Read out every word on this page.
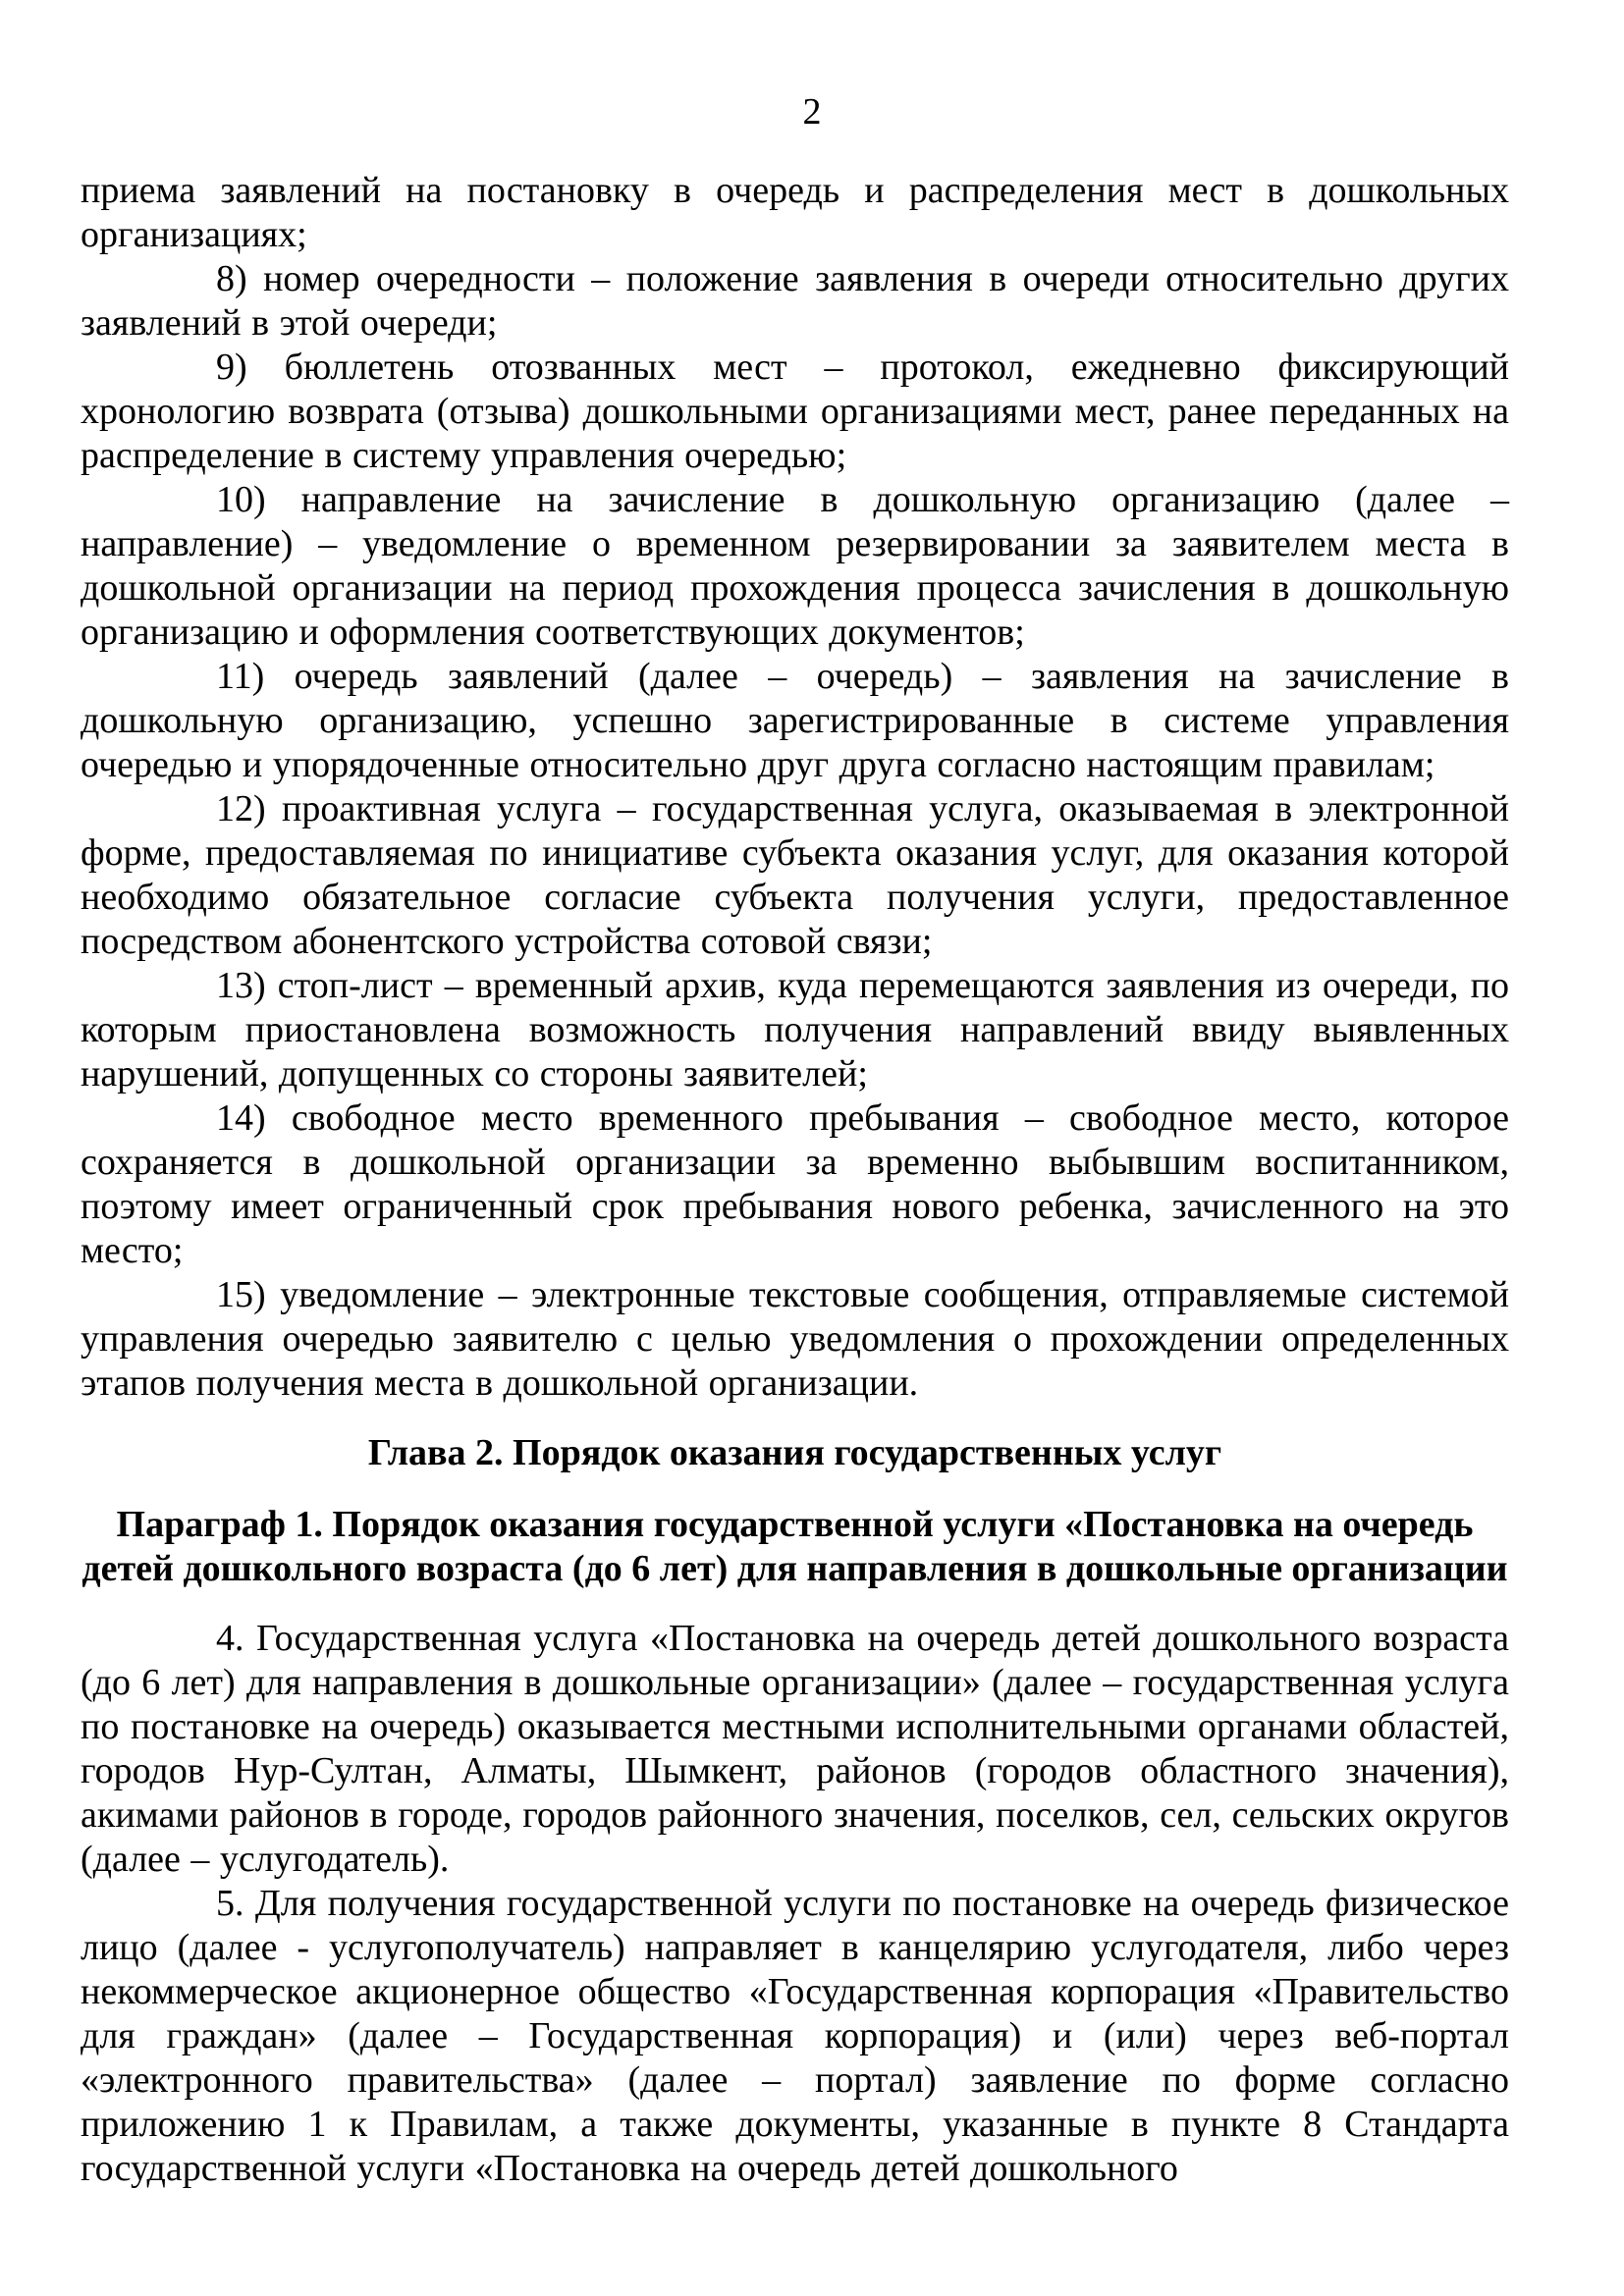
2

приема заявлений на постановку в очередь и распределения мест в дошкольных организациях;

8) номер очередности – положение заявления в очереди относительно других заявлений в этой очереди;

9) бюллетень отозванных мест – протокол, ежедневно фиксирующий хронологию возврата (отзыва) дошкольными организациями мест, ранее переданных на распределение в систему управления очередью;

10) направление на зачисление в дошкольную организацию (далее – направление) – уведомление о временном резервировании за заявителем места в дошкольной организации на период прохождения процесса зачисления в дошкольную организацию и оформления соответствующих документов;

11) очередь заявлений (далее – очередь) – заявления на зачисление в дошкольную организацию, успешно зарегистрированные в системе управления очередью и упорядоченные относительно друг друга согласно настоящим правилам;

12) проактивная услуга – государственная услуга, оказываемая в электронной форме, предоставляемая по инициативе субъекта оказания услуг, для оказания которой необходимо обязательное согласие субъекта получения услуги, предоставленное посредством абонентского устройства сотовой связи;

13) стоп-лист – временный архив, куда перемещаются заявления из очереди, по которым приостановлена возможность получения направлений ввиду выявленных нарушений, допущенных со стороны заявителей;

14) свободное место временного пребывания – свободное место, которое сохраняется в дошкольной организации за временно выбывшим воспитанником, поэтому имеет ограниченный срок пребывания нового ребенка, зачисленного на это место;

15) уведомление – электронные текстовые сообщения, отправляемые системой управления очередью заявителю с целью уведомления о прохождении определенных этапов получения места в дошкольной организации.

Глава 2. Порядок оказания государственных услуг
Параграф 1. Порядок оказания государственной услуги «Постановка на очередь детей дошкольного возраста (до 6 лет) для направления в дошкольные организации

4. Государственная услуга «Постановка на очередь детей дошкольного возраста (до 6 лет) для направления в дошкольные организации» (далее – государственная услуга по постановке на очередь) оказывается местными исполнительными органами областей, городов Нур-Султан, Алматы, Шымкент, районов (городов областного значения), акимами районов в городе, городов районного значения, поселков, сел, сельских округов (далее – услугодатель).

5. Для получения государственной услуги по постановке на очередь физическое лицо (далее - услугополучатель) направляет в канцелярию услугодателя, либо через некоммерческое акционерное общество «Государственная корпорация «Правительство для граждан» (далее – Государственная корпорация) и (или) через веб-портал «электронного правительства» (далее – портал) заявление по форме согласно приложению 1 к Правилам, а также документы, указанные в пункте 8 Стандарта государственной услуги «Постановка на очередь детей дошкольного
